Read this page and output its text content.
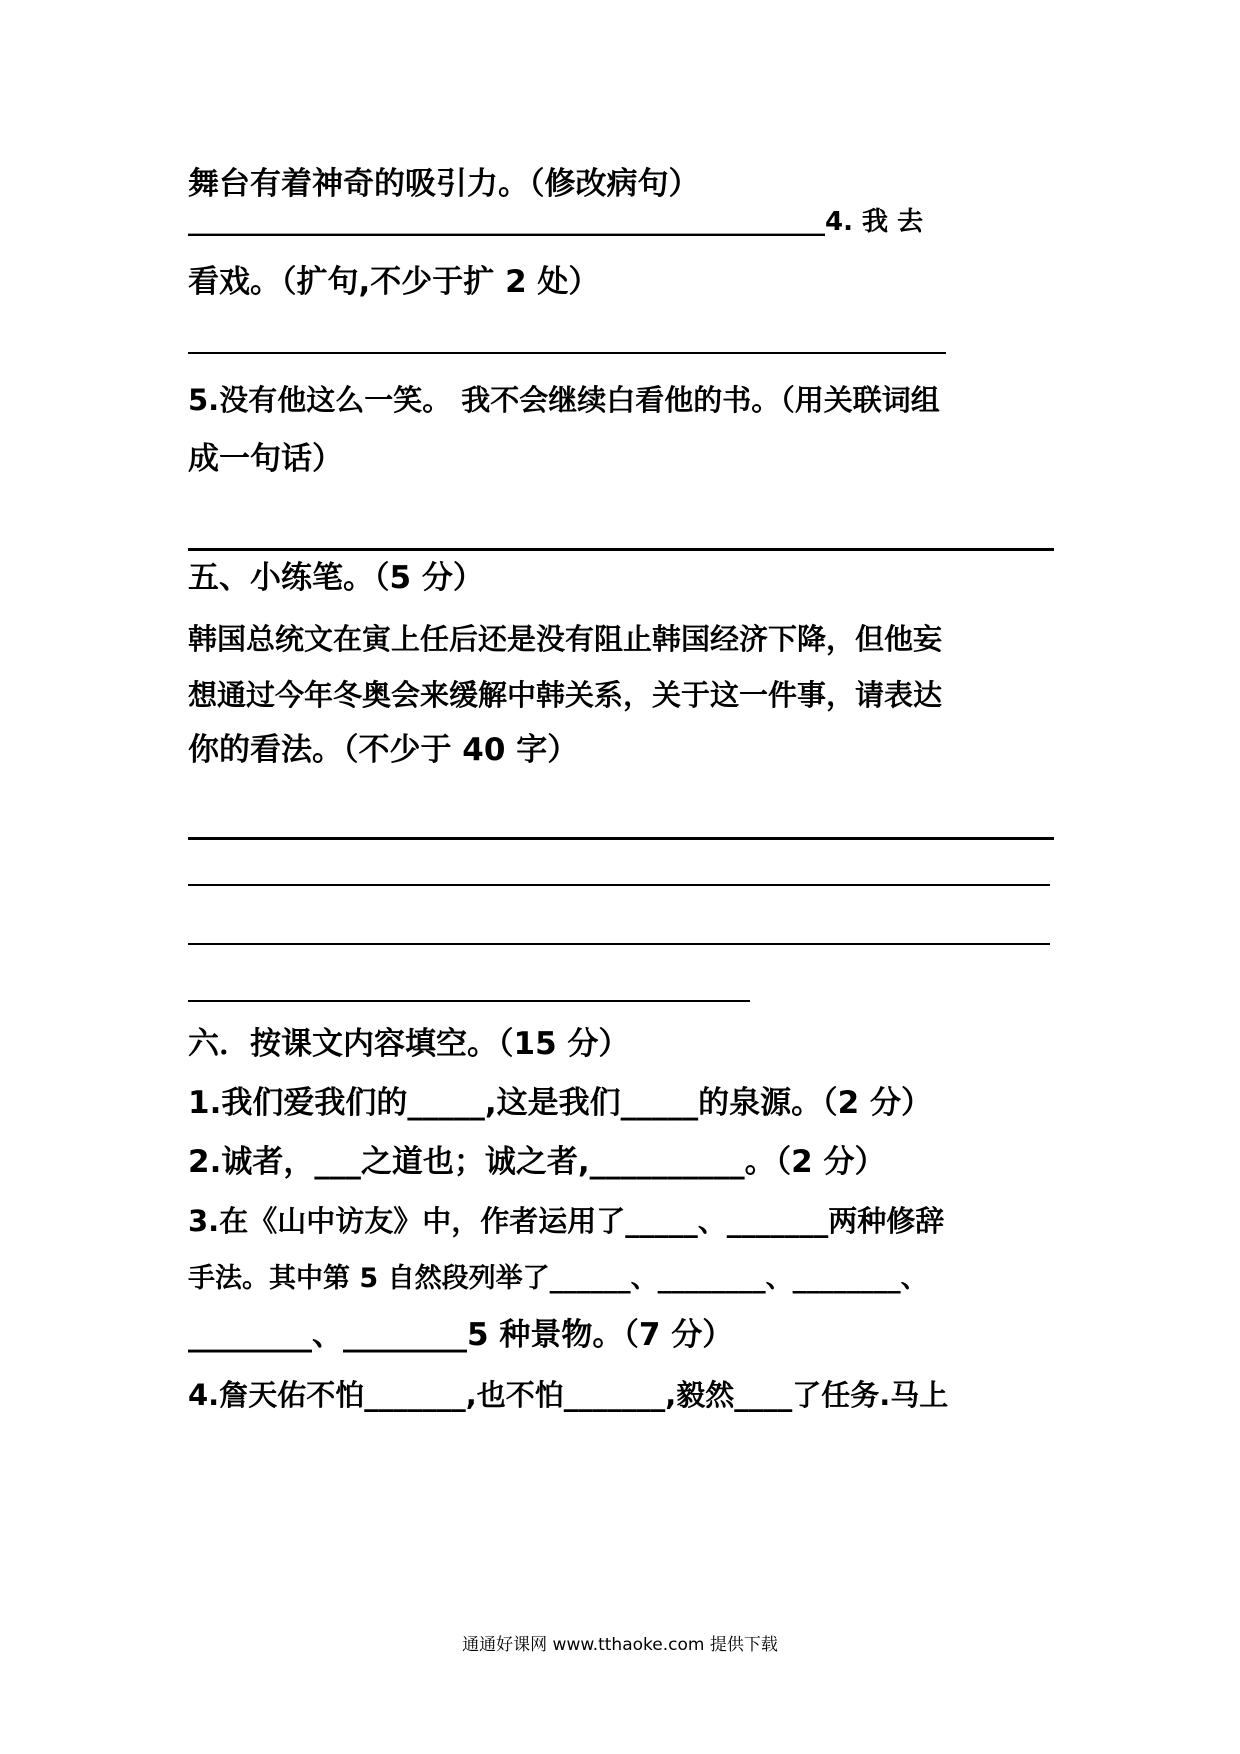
舞台有着神奇的吸引力。（修改病句）
_________________________________________________4. 我 去
看戏。（扩句,不少于扩 2 处）
5.没有他这么一笑。 我不会继续白看他的书。（用关联词组
成一句话）
五、小练笔。（5 分）
韩国总统文在寅上任后还是没有阻止韩国经济下降，但他妄
想通过今年冬奥会来缓解中韩关系，关于这一件事，请表达
你的看法。（不少于 40 字）
六．按课文内容填空。（15 分）
1.我们爱我们的_____,这是我们_____的泉源。（2 分）
2.诚者，___之道也；诚之者,__________。（2 分）
3.在《山中访友》中，作者运用了_____、_______两种修辞
手法。其中第 5 自然段列举了______、________、________、
________、________5 种景物。（7 分）
4.詹天佑不怕_______,也不怕_______,毅然____了任务.马上
通通好课网 www.tthaoke.com 提供下载
